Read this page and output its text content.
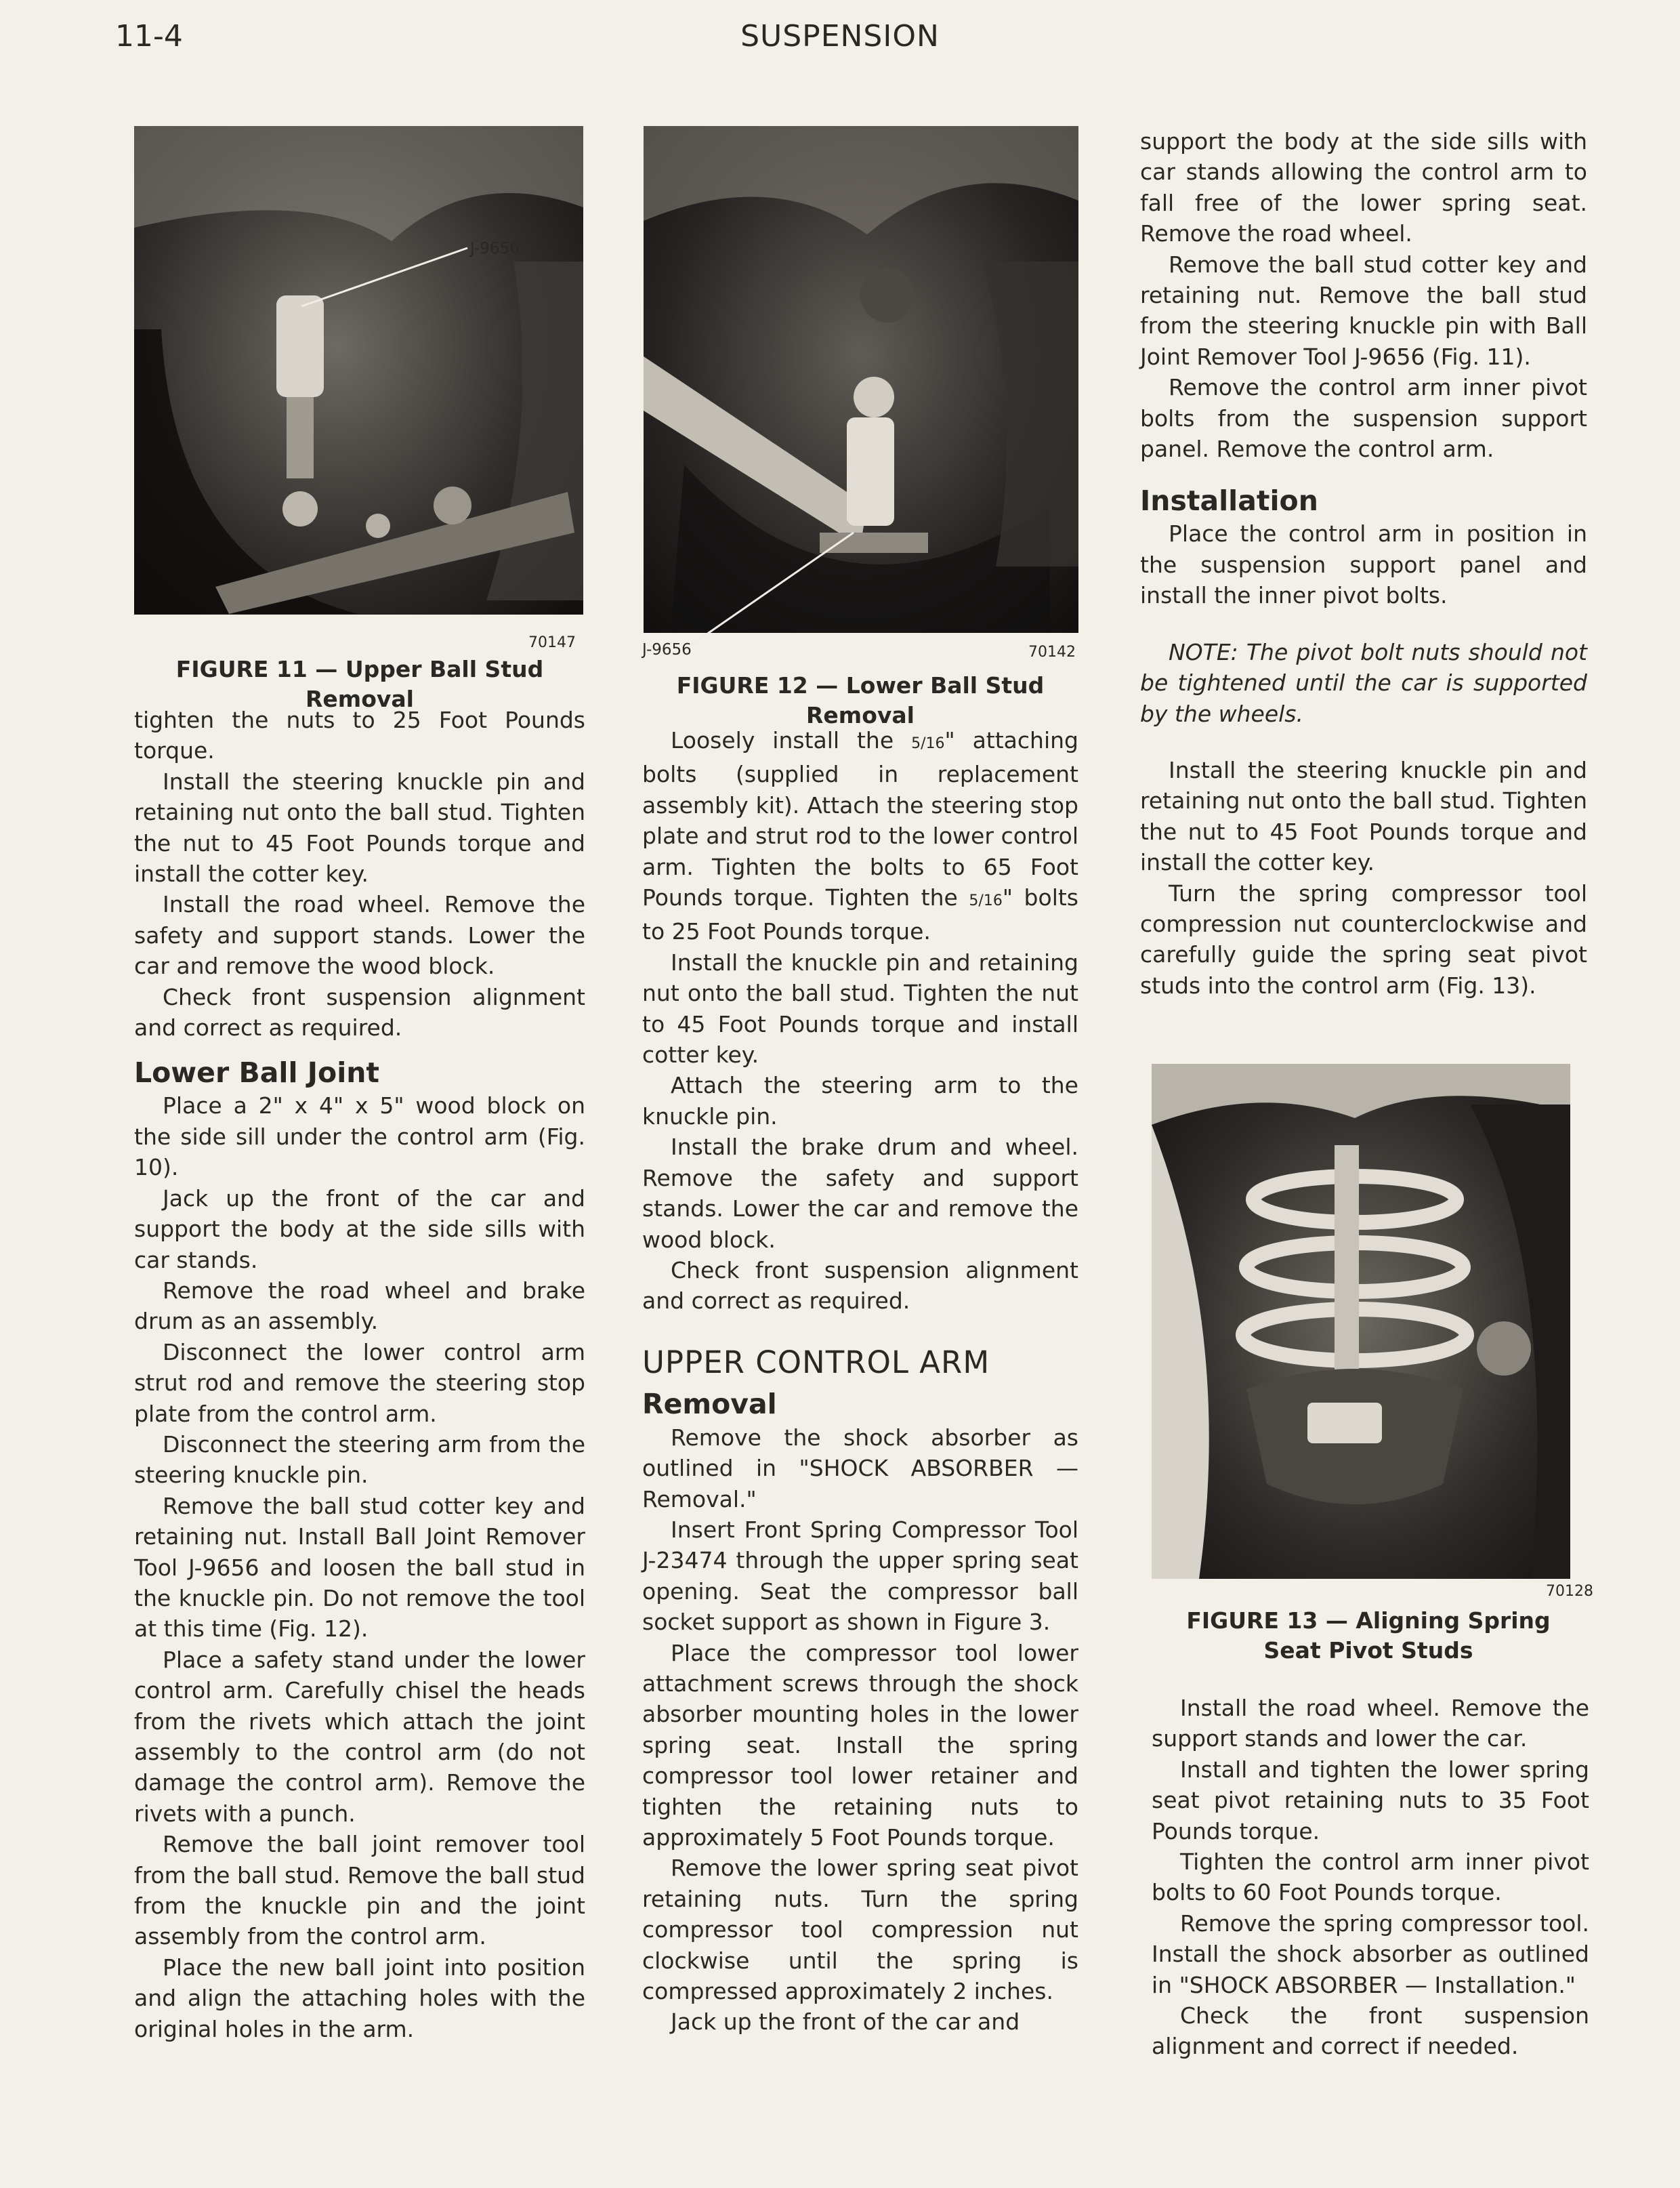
11-4	SUSPENSION
J-9656
70147
FIGURE 11 — Upper Ball Stud Removal

tighten the nuts to 25 Foot Pounds torque.

Install the steering knuckle pin and retaining nut onto the ball stud. Tighten the nut to 45 Foot Pounds torque and install the cotter key.

Install the road wheel. Remove the safety and support stands. Lower the car and remove the wood block.

Check front suspension alignment and correct as required.

Lower Ball Joint

Place a 2" x 4" x 5" wood block on the side sill under the control arm (Fig. 10).

Jack up the front of the car and support the body at the side sills with car stands.

Remove the road wheel and brake drum as an assembly.

Disconnect the lower control arm strut rod and remove the steering stop plate from the control arm.

Disconnect the steering arm from the steering knuckle pin.

Remove the ball stud cotter key and retaining nut. Install Ball Joint Remover Tool J-9656 and loosen the ball stud in the knuckle pin. Do not remove the tool at this time (Fig. 12).

Place a safety stand under the lower control arm. Carefully chisel the heads from the rivets which attach the joint assembly to the control arm (do not damage the control arm). Remove the rivets with a punch.

Remove the ball joint remover tool from the ball stud. Remove the ball stud from the knuckle pin and the joint assembly from the control arm.

Place the new ball joint into position and align the attaching holes with the original holes in the arm.

J-9656	70142
FIGURE 12 — Lower Ball Stud Removal

Loosely install the 5/16" attaching bolts (supplied in replacement assembly kit). Attach the steering stop plate and strut rod to the lower control arm. Tighten the bolts to 65 Foot Pounds torque. Tighten the 5/16" bolts to 25 Foot Pounds torque.

Install the knuckle pin and retaining nut onto the ball stud. Tighten the nut to 45 Foot Pounds torque and install cotter key.

Attach the steering arm to the knuckle pin.

Install the brake drum and wheel. Remove the safety and support stands. Lower the car and remove the wood block.

Check front suspension alignment and correct as required.

UPPER CONTROL ARM
Removal

Remove the shock absorber as outlined in "SHOCK ABSORBER — Removal."

Insert Front Spring Compressor Tool J-23474 through the upper spring seat opening. Seat the compressor ball socket support as shown in Figure 3.

Place the compressor tool lower attachment screws through the shock absorber mounting holes in the lower spring seat. Install the spring compressor tool lower retainer and tighten the retaining nuts to approximately 5 Foot Pounds torque.

Remove the lower spring seat pivot retaining nuts. Turn the spring compressor tool compression nut clockwise until the spring is compressed approximately 2 inches.

Jack up the front of the car and

support the body at the side sills with car stands allowing the control arm to fall free of the lower spring seat. Remove the road wheel.

Remove the ball stud cotter key and retaining nut. Remove the ball stud from the steering knuckle pin with Ball Joint Remover Tool J-9656 (Fig. 11).

Remove the control arm inner pivot bolts from the suspension support panel. Remove the control arm.

Installation

Place the control arm in position in the suspension support panel and install the inner pivot bolts.

NOTE: The pivot bolt nuts should not be tightened until the car is supported by the wheels.

Install the steering knuckle pin and retaining nut onto the ball stud. Tighten the nut to 45 Foot Pounds torque and install the cotter key.

Turn the spring compressor tool compression nut counterclockwise and carefully guide the spring seat pivot studs into the control arm (Fig. 13).

70128
FIGURE 13 — Aligning Spring Seat Pivot Studs

Install the road wheel. Remove the support stands and lower the car.

Install and tighten the lower spring seat pivot retaining nuts to 35 Foot Pounds torque.

Tighten the control arm inner pivot bolts to 60 Foot Pounds torque.

Remove the spring compressor tool. Install the shock absorber as outlined in "SHOCK ABSORBER — Installation."

Check the front suspension alignment and correct if needed.
